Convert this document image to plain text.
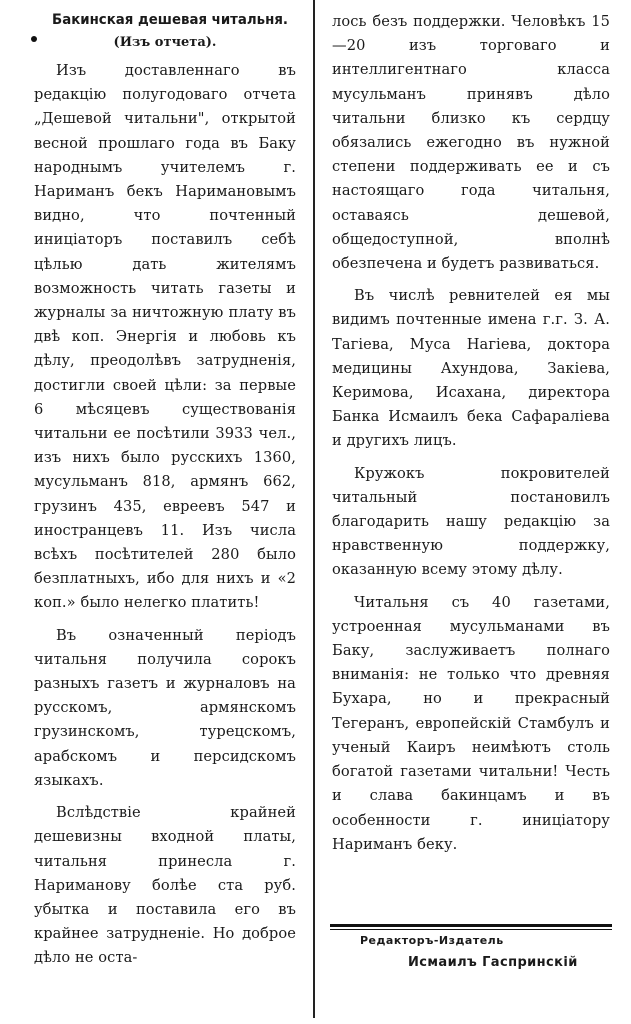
Бакинская дешевая читальня.
(Изъ отчета).

Изъ доставленнаго въ редакцію полугодоваго отчета „Дешевой читальни", открытой весной прошлаго года въ Баку народнымъ учителемъ г. Нариманъ бекъ Наримановымъ видно, что почтенный иниціаторъ поставилъ себѣ цѣлью дать жителямъ возможность читать газеты и журналы за ничтожную плату въ двѣ коп. Энергія и любовь къ дѣлу, преодолѣвъ затрудненія, достигли своей цѣли: за первые 6 мѣсяцевъ существованія читальни ее посѣтили 3933 чел., изъ нихъ было русскихъ 1360, мусульманъ 818, армянъ 662, грузинъ 435, евреевъ 547 и иностранцевъ 11. Изъ числа всѣхъ посѣтителей 280 было безплатныхъ, ибо для нихъ и «2 коп.» было нелегко платить!

Въ означенный періодъ читальня получила сорокъ разныхъ газетъ и журналовъ на русскомъ, армянскомъ грузинскомъ, турецскомъ, арабскомъ и персидскомъ языкахъ.

Вслѣдствіе крайней дешевизны входной платы, читальня принесла г. Нариманову болѣе ста руб. убытка и поставила его въ крайнее затрудненіе. Но доброе дѣло не оста-

лось безъ поддержки. Человѣкъ 15—20 изъ торговаго и интеллигентнаго класса мусульманъ принявъ дѣло читальни близко къ сердцу обязались ежегодно въ нужной степени поддерживать ее и съ настоящаго года читальня, оставаясь дешевой, общедоступной, вполнѣ обезпечена и будетъ развиваться.

Въ числѣ ревнителей ея мы видимъ почтенные имена г.г. З. А. Тагіева, Муса Нагіева, доктора медицины Ахундова, Закіева, Керимова, Исахана, директора Банка Исмаилъ бека Сафаралiева и другихъ лицъ.

Кружокъ покровителей читальный постановилъ благодарить нашу редакцію за нравственную поддержку, оказанную всему этому дѣлу.

Читальня съ 40 газетами, устроенная мусульманами въ Баку, заслуживаетъ полнаго вниманія: не только что древняя Бухара, но и прекрасный Тегеранъ, европейскій Стамбулъ и ученый Каиръ неимѣютъ столь богатой газетами читальни! Честь и слава бакинцамъ и въ особенности г. иниціатору Нариманъ беку.

Редакторъ-Издатель
Исмаилъ Гаспринскій
